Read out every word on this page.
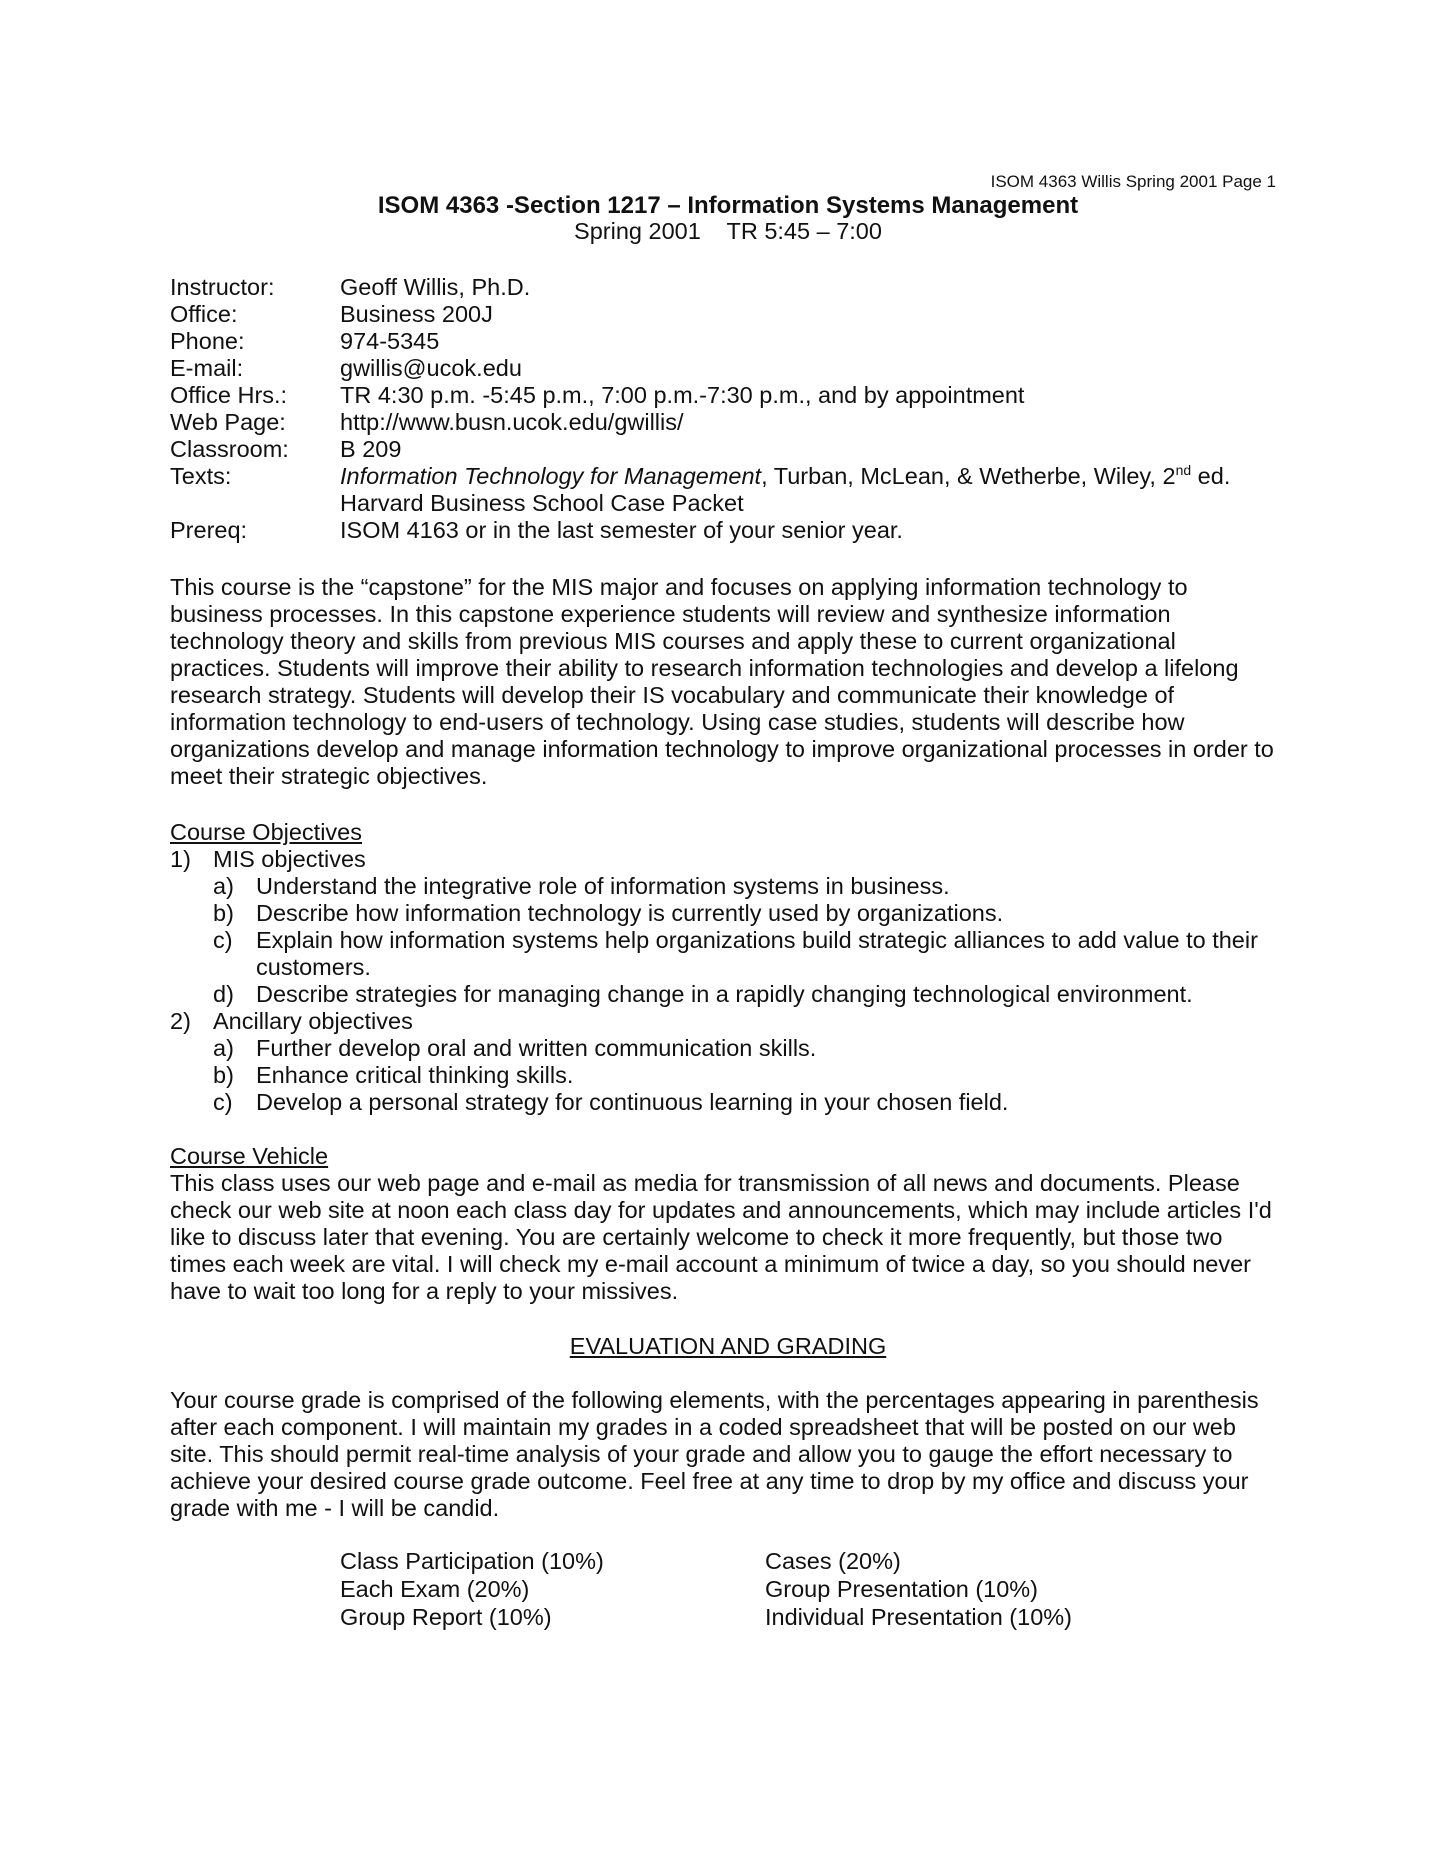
ISOM 4363 Willis Spring 2001 Page 1
ISOM 4363 -Section 1217 – Information Systems Management
Spring 2001    TR 5:45 – 7:00
Instructor:	Geoff Willis, Ph.D.
Office:	Business 200J
Phone:	974-5345
E-mail:	gwillis@ucok.edu
Office Hrs.:	TR 4:30 p.m. -5:45 p.m., 7:00 p.m.-7:30 p.m., and by appointment
Web Page:	http://www.busn.ucok.edu/gwillis/
Classroom:	B 209
Texts:	Information Technology for Management, Turban, McLean, & Wetherbe, Wiley, 2nd ed.
Harvard Business School Case Packet
Prereq:	ISOM 4163 or in the last semester of your senior year.

This course is the “capstone” for the MIS major and focuses on applying information technology to business processes. In this capstone experience students will review and synthesize information technology theory and skills from previous MIS courses and apply these to current organizational practices. Students will improve their ability to research information technologies and develop a lifelong research strategy. Students will develop their IS vocabulary and communicate their knowledge of information technology to end-users of technology. Using case studies, students will describe how organizations develop and manage information technology to improve organizational processes in order to meet their strategic objectives.

Course Objectives
1) MIS objectives
a) Understand the integrative role of information systems in business.
b) Describe how information technology is currently used by organizations.
c) Explain how information systems help organizations build strategic alliances to add value to their customers.
d) Describe strategies for managing change in a rapidly changing technological environment.
2) Ancillary objectives
a) Further develop oral and written communication skills.
b) Enhance critical thinking skills.
c) Develop a personal strategy for continuous learning in your chosen field.
Course Vehicle

This class uses our web page and e-mail as media for transmission of all news and documents. Please check our web site at noon each class day for updates and announcements, which may include articles I'd like to discuss later that evening. You are certainly welcome to check it more frequently, but those two times each week are vital. I will check my e-mail account a minimum of twice a day, so you should never have to wait too long for a reply to your missives.

EVALUATION AND GRADING

Your course grade is comprised of the following elements, with the percentages appearing in parenthesis after each component. I will maintain my grades in a coded spreadsheet that will be posted on our web site. This should permit real-time analysis of your grade and allow you to gauge the effort necessary to achieve your desired course grade outcome. Feel free at any time to drop by my office and discuss your grade with me - I will be candid.

Class Participation (10%)	Cases (20%)
Each Exam (20%)	Group Presentation (10%)
Group Report (10%)	Individual Presentation (10%)
